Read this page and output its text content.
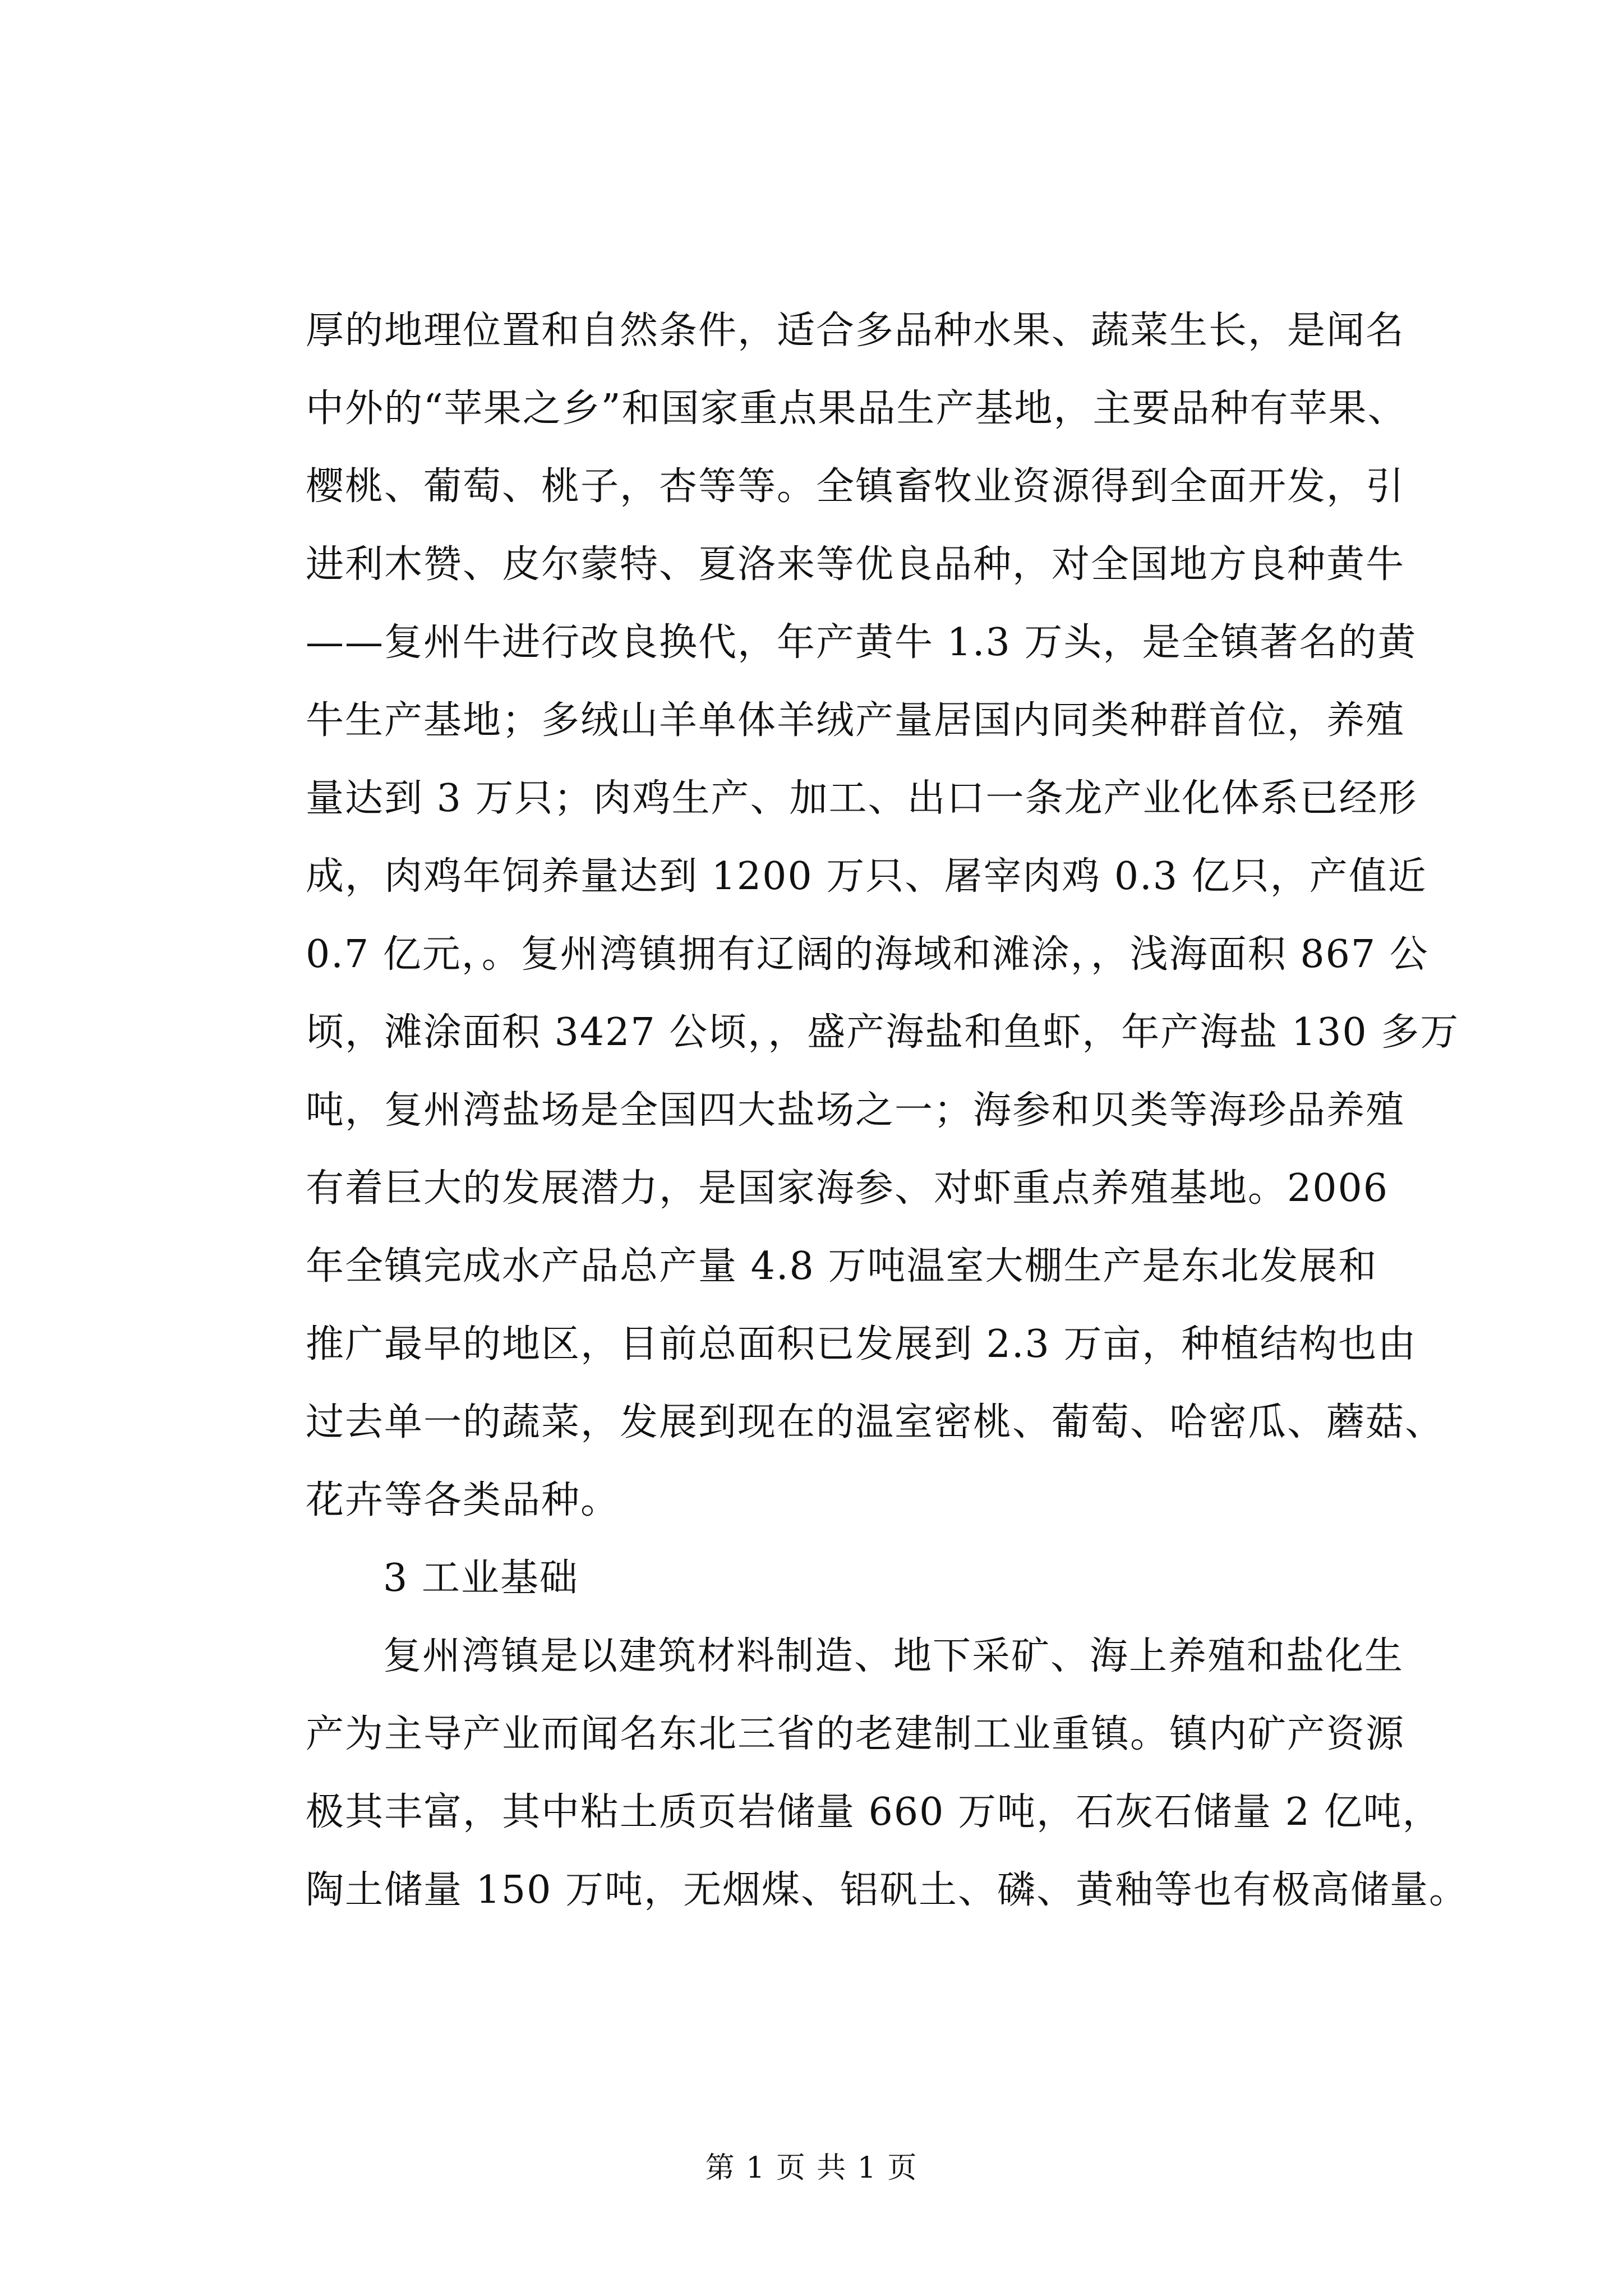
厚的地理位置和自然条件，适合多品种水果、蔬菜生长，是闻名
中外的“苹果之乡”和国家重点果品生产基地，主要品种有苹果、
樱桃、葡萄、桃子，杏等等。全镇畜牧业资源得到全面开发，引
进利木赞、皮尔蒙特、夏洛来等优良品种，对全国地方良种黄牛
——复州牛进行改良换代，年产黄牛 1.3 万头，是全镇著名的黄
牛生产基地；多绒山羊单体羊绒产量居国内同类种群首位，养殖
量达到 3 万只；肉鸡生产、加工、出口一条龙产业化体系已经形
成，肉鸡年饲养量达到 1200 万只、屠宰肉鸡 0.3 亿只，产值近
0.7 亿元，。复州湾镇拥有辽阔的海域和滩涂，，浅海面积 867 公
顷，滩涂面积 3427 公顷，，盛产海盐和鱼虾，年产海盐 130 多万
吨，复州湾盐场是全国四大盐场之一；海参和贝类等海珍品养殖
有着巨大的发展潜力，是国家海参、对虾重点养殖基地。2006
年全镇完成水产品总产量 4.8 万吨温室大棚生产是东北发展和
推广最早的地区，目前总面积已发展到 2.3 万亩，种植结构也由
过去单一的蔬菜，发展到现在的温室密桃、葡萄、哈密瓜、蘑菇、
花卉等各类品种。
3 工业基础
复州湾镇是以建筑材料制造、地下采矿、海上养殖和盐化生
产为主导产业而闻名东北三省的老建制工业重镇。镇内矿产资源
极其丰富，其中粘土质页岩储量 660 万吨，石灰石储量 2 亿吨，
陶土储量 150 万吨，无烟煤、铝矾土、磷、黄釉等也有极高储量。
第 1 页 共 1 页
